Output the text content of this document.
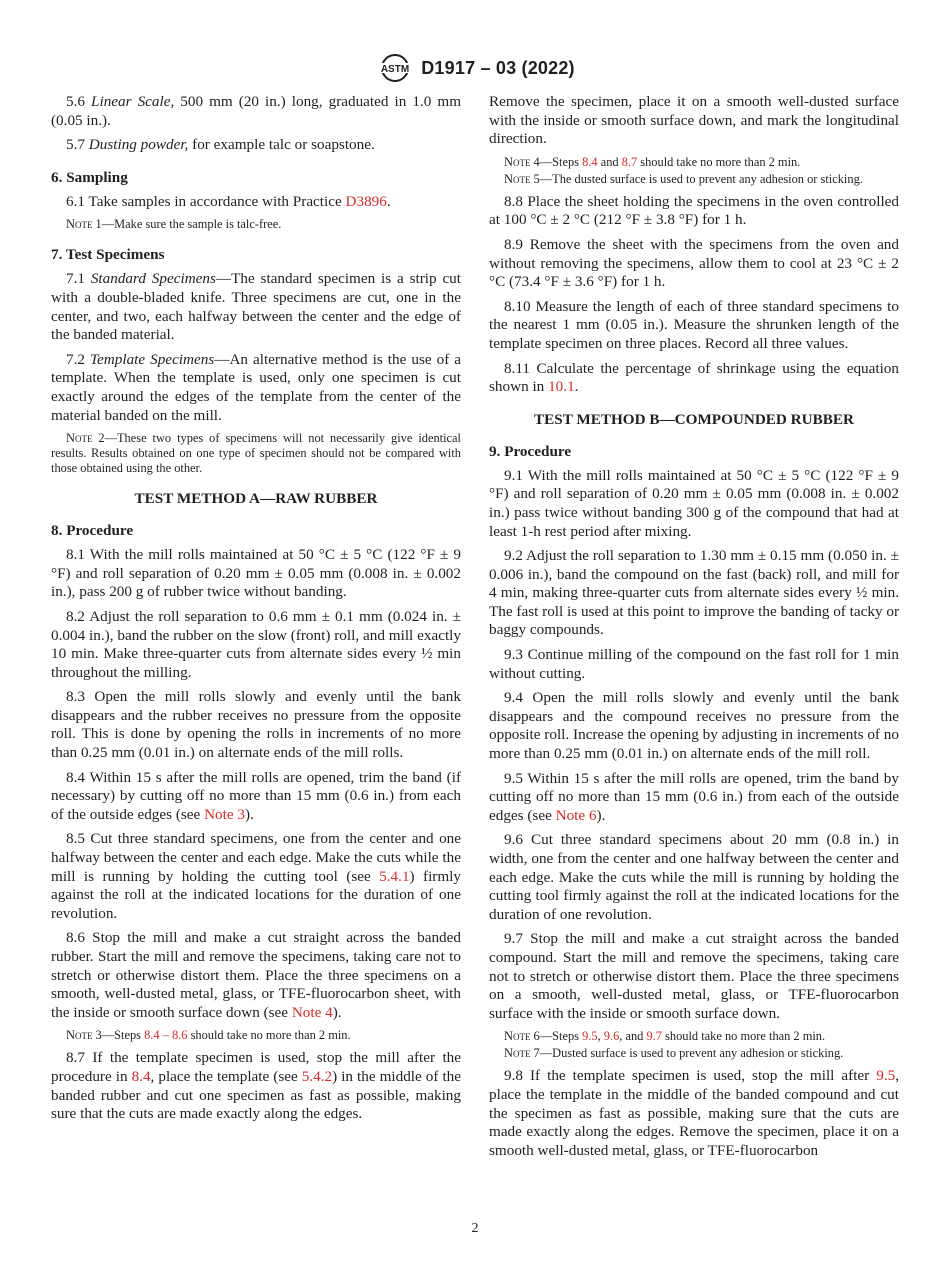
ASTM D1917 – 03 (2022)

5.6 Linear Scale, 500 mm (20 in.) long, graduated in 1.0 mm (0.05 in.).

5.7 Dusting powder, for example talc or soapstone.

6. Sampling

6.1 Take samples in accordance with Practice D3896.

Note 1—Make sure the sample is talc-free.
7. Test Specimens

7.1 Standard Specimens—The standard specimen is a strip cut with a double-bladed knife. Three specimens are cut, one in the center, and two, each halfway between the center and the edge of the banded material.

7.2 Template Specimens—An alternative method is the use of a template. When the template is used, only one specimen is cut exactly around the edges of the template from the center of the material banded on the mill.

Note 2—These two types of specimens will not necessarily give identical results. Results obtained on one type of specimen should not be compared with those obtained using the other.
TEST METHOD A—RAW RUBBER
8. Procedure

8.1 With the mill rolls maintained at 50 °C ± 5 °C (122 °F ± 9 °F) and roll separation of 0.20 mm ± 0.05 mm (0.008 in. ± 0.002 in.), pass 200 g of rubber twice without banding.

8.2 Adjust the roll separation to 0.6 mm ± 0.1 mm (0.024 in. ± 0.004 in.), band the rubber on the slow (front) roll, and mill exactly 10 min. Make three-quarter cuts from alternate sides every ½ min throughout the milling.

8.3 Open the mill rolls slowly and evenly until the bank disappears and the rubber receives no pressure from the opposite roll. This is done by opening the rolls in increments of no more than 0.25 mm (0.01 in.) on alternate ends of the mill rolls.

8.4 Within 15 s after the mill rolls are opened, trim the band (if necessary) by cutting off no more than 15 mm (0.6 in.) from each of the outside edges (see Note 3).

8.5 Cut three standard specimens, one from the center and one halfway between the center and each edge. Make the cuts while the mill is running by holding the cutting tool (see 5.4.1) firmly against the roll at the indicated locations for the duration of one revolution.

8.6 Stop the mill and make a cut straight across the banded rubber. Start the mill and remove the specimens, taking care not to stretch or otherwise distort them. Place the three specimens on a smooth, well-dusted metal, glass, or TFE-fluorocarbon sheet, with the inside or smooth surface down (see Note 4).

Note 3—Steps 8.4 – 8.6 should take no more than 2 min.

8.7 If the template specimen is used, stop the mill after the procedure in 8.4, place the template (see 5.4.2) in the middle of the banded rubber and cut one specimen as fast as possible, making sure that the cuts are made exactly along the edges.

Remove the specimen, place it on a smooth well-dusted surface with the inside or smooth surface down, and mark the longitudinal direction.

Note 4—Steps 8.4 and 8.7 should take no more than 2 min.
Note 5—The dusted surface is used to prevent any adhesion or sticking.

8.8 Place the sheet holding the specimens in the oven controlled at 100 °C ± 2 °C (212 °F ± 3.8 °F) for 1 h.

8.9 Remove the sheet with the specimens from the oven and without removing the specimens, allow them to cool at 23 °C ± 2 °C (73.4 °F ± 3.6 °F) for 1 h.

8.10 Measure the length of each of three standard specimens to the nearest 1 mm (0.05 in.). Measure the shrunken length of the template specimen on three places. Record all three values.

8.11 Calculate the percentage of shrinkage using the equation shown in 10.1.

TEST METHOD B—COMPOUNDED RUBBER
9. Procedure

9.1 With the mill rolls maintained at 50 °C ± 5 °C (122 °F ± 9 °F) and roll separation of 0.20 mm ± 0.05 mm (0.008 in. ± 0.002 in.) pass twice without banding 300 g of the compound that had at least 1-h rest period after mixing.

9.2 Adjust the roll separation to 1.30 mm ± 0.15 mm (0.050 in. ± 0.006 in.), band the compound on the fast (back) roll, and mill for 4 min, making three-quarter cuts from alternate sides every ½ min. The fast roll is used at this point to improve the banding of tacky or baggy compounds.

9.3 Continue milling of the compound on the fast roll for 1 min without cutting.

9.4 Open the mill rolls slowly and evenly until the bank disappears and the compound receives no pressure from the opposite roll. Increase the opening by adjusting in increments of no more than 0.25 mm (0.01 in.) on alternate ends of the mill roll.

9.5 Within 15 s after the mill rolls are opened, trim the band by cutting off no more than 15 mm (0.6 in.) from each of the outside edges (see Note 6).

9.6 Cut three standard specimens about 20 mm (0.8 in.) in width, one from the center and one halfway between the center and each edge. Make the cuts while the mill is running by holding the cutting tool firmly against the roll at the indicated locations for the duration of one revolution.

9.7 Stop the mill and make a cut straight across the banded compound. Start the mill and remove the specimens, taking care not to stretch or otherwise distort them. Place the three specimens on a smooth, well-dusted metal, glass, or TFE-fluorocarbon surface with the inside or smooth surface down.

Note 6—Steps 9.5, 9.6, and 9.7 should take no more than 2 min.
Note 7—Dusted surface is used to prevent any adhesion or sticking.

9.8 If the template specimen is used, stop the mill after 9.5, place the template in the middle of the banded compound and cut the specimen as fast as possible, making sure that the cuts are made exactly along the edges. Remove the specimen, place it on a smooth well-dusted metal, glass, or TFE-fluorocarbon

2
